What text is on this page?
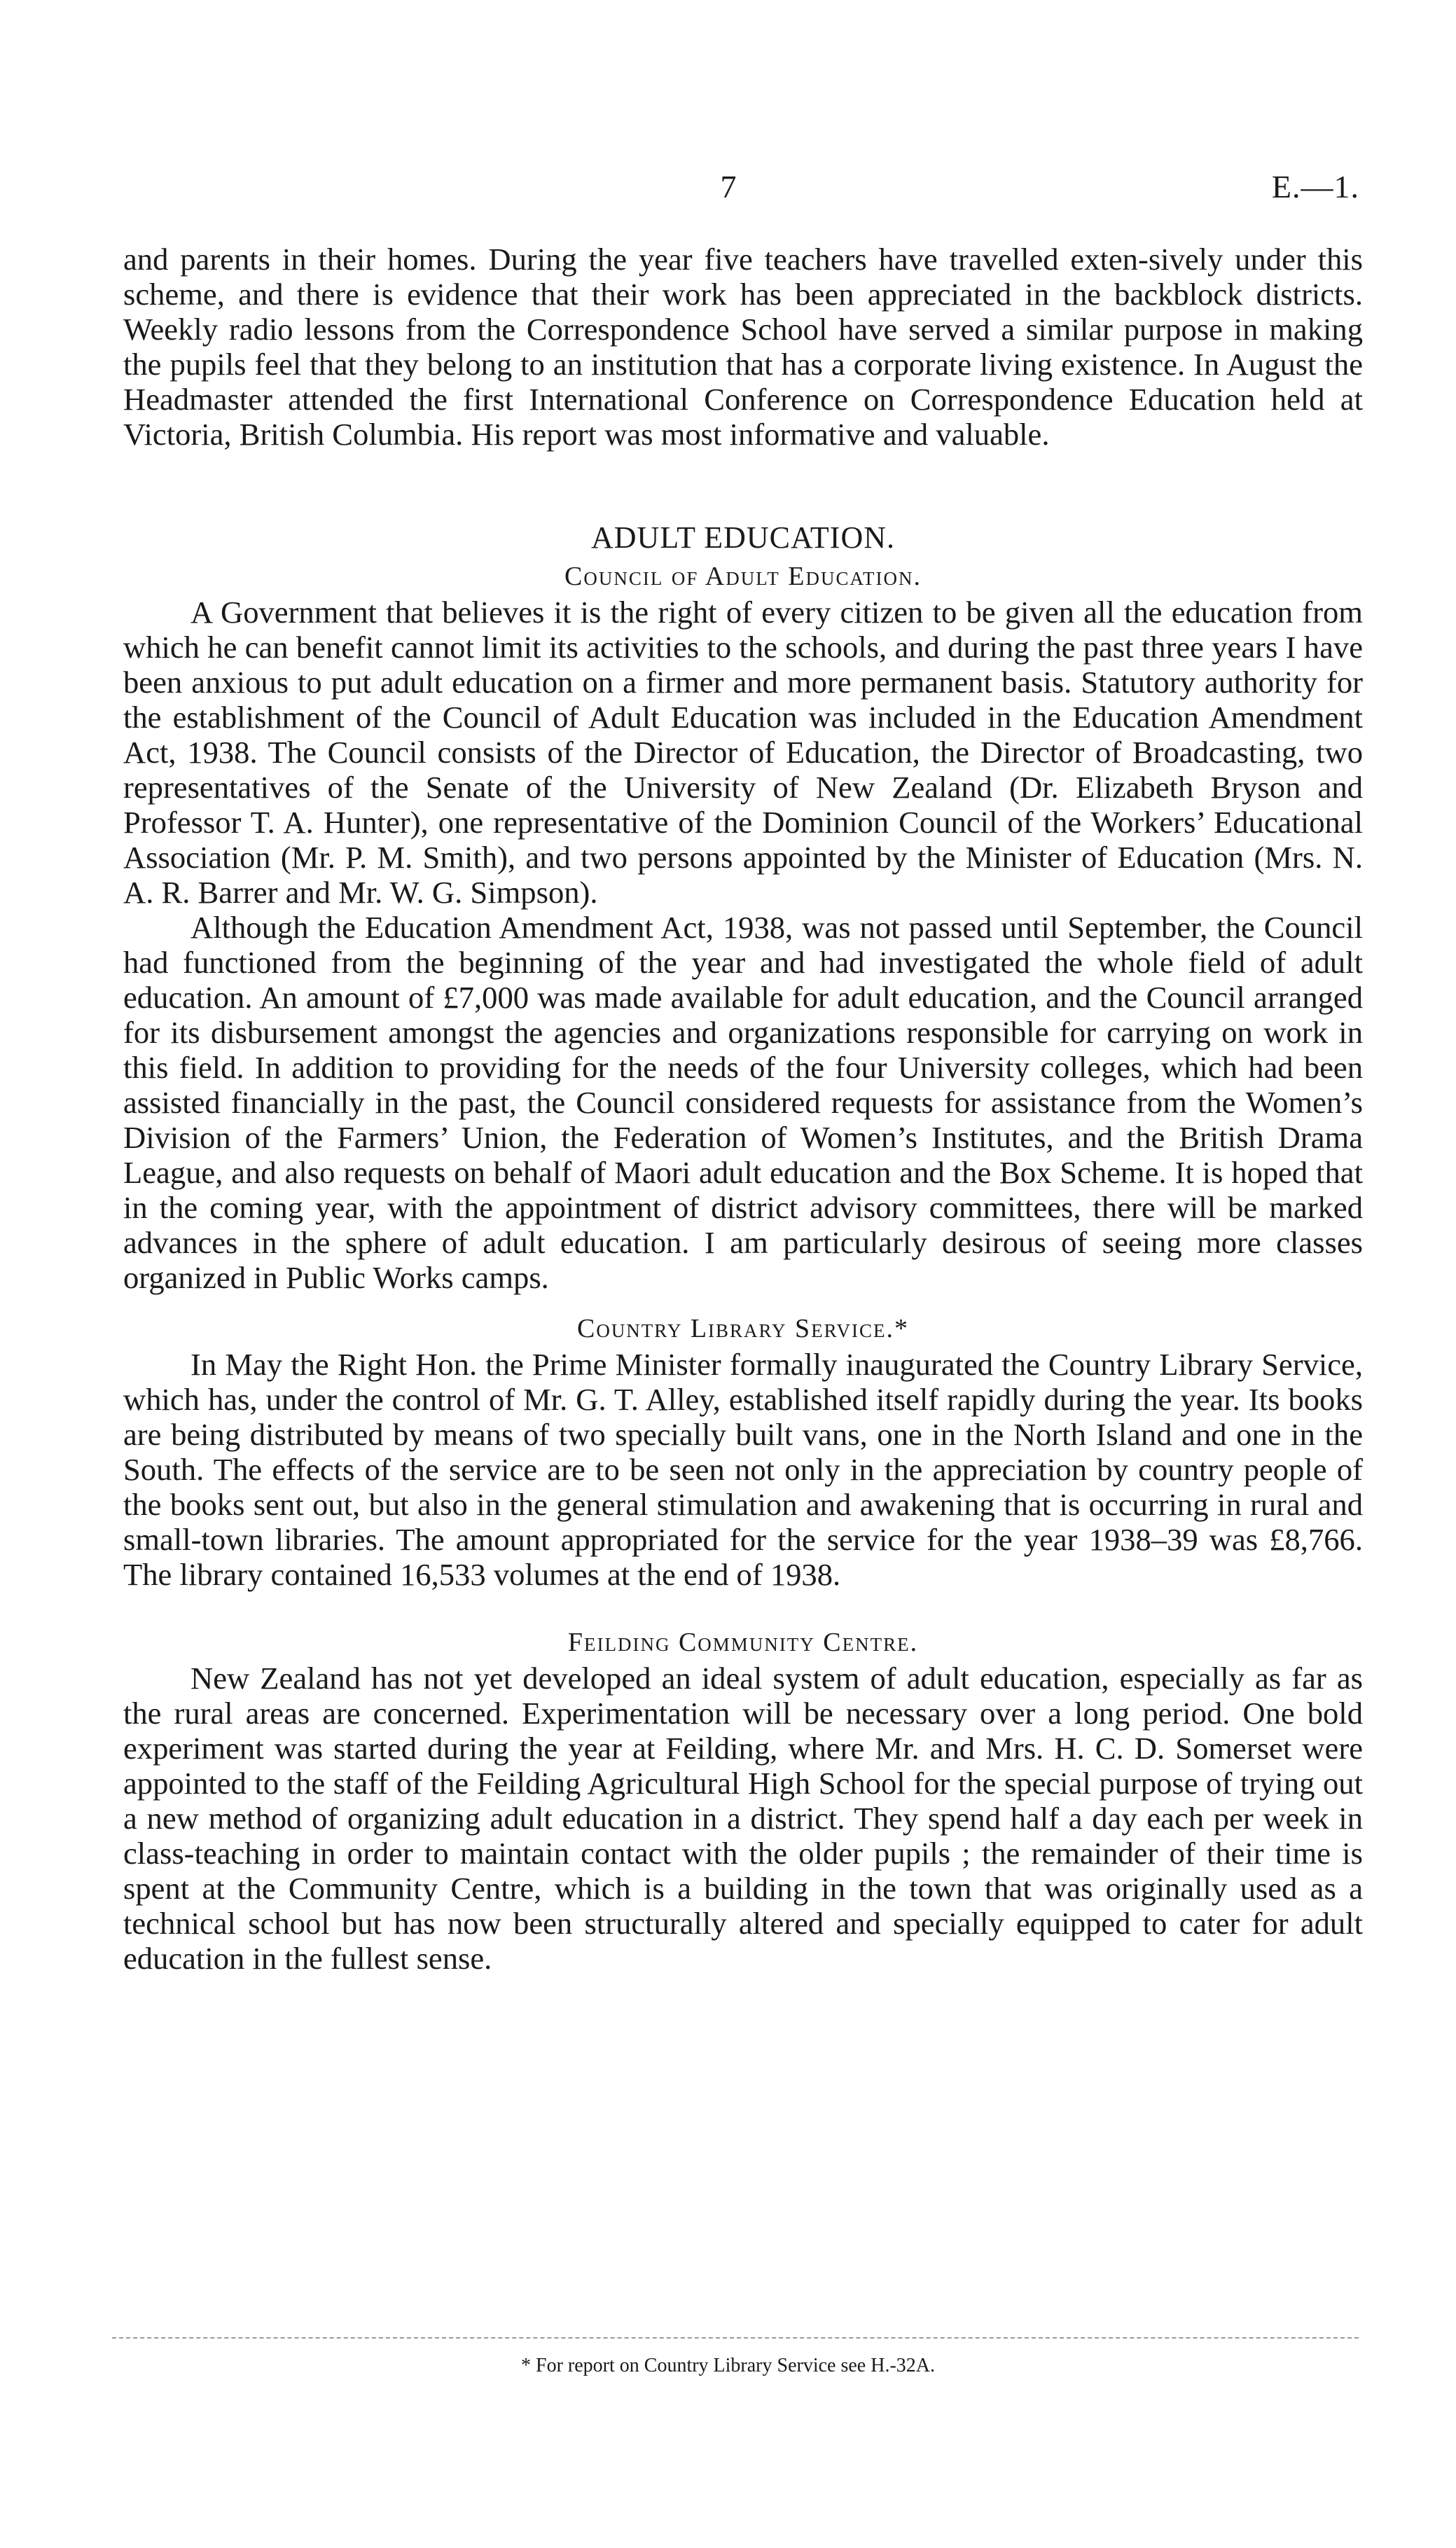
7	E.—1.

and parents in their homes. During the year five teachers have travelled exten-sively under this scheme, and there is evidence that their work has been appreciated in the backblock districts. Weekly radio lessons from the Correspondence School have served a similar purpose in making the pupils feel that they belong to an institution that has a corporate living existence. In August the Headmaster attended the first International Conference on Correspondence Education held at Victoria, British Columbia. His report was most informative and valuable.

ADULT EDUCATION.
Council of Adult Education.

A Government that believes it is the right of every citizen to be given all the education from which he can benefit cannot limit its activities to the schools, and during the past three years I have been anxious to put adult education on a firmer and more permanent basis. Statutory authority for the establishment of the Council of Adult Education was included in the Education Amendment Act, 1938. The Council consists of the Director of Education, the Director of Broadcasting, two representatives of the Senate of the University of New Zealand (Dr. Elizabeth Bryson and Professor T. A. Hunter), one representative of the Dominion Council of the Workers’ Educational Association (Mr. P. M. Smith), and two persons appointed by the Minister of Education (Mrs. N. A. R. Barrer and Mr. W. G. Simpson).

Although the Education Amendment Act, 1938, was not passed until September, the Council had functioned from the beginning of the year and had investigated the whole field of adult education. An amount of £7,000 was made available for adult education, and the Council arranged for its disbursement amongst the agencies and organizations responsible for carrying on work in this field. In addition to providing for the needs of the four University colleges, which had been assisted financially in the past, the Council considered requests for assistance from the Women’s Division of the Farmers’ Union, the Federation of Women’s Institutes, and the British Drama League, and also requests on behalf of Maori adult education and the Box Scheme. It is hoped that in the coming year, with the appointment of district advisory committees, there will be marked advances in the sphere of adult education. I am particularly desirous of seeing more classes organized in Public Works camps.

Country Library Service.*

In May the Right Hon. the Prime Minister formally inaugurated the Country Library Service, which has, under the control of Mr. G. T. Alley, established itself rapidly during the year. Its books are being distributed by means of two specially built vans, one in the North Island and one in the South. The effects of the service are to be seen not only in the appreciation by country people of the books sent out, but also in the general stimulation and awakening that is occurring in rural and small-town libraries. The amount appropriated for the service for the year 1938–39 was £8,766. The library contained 16,533 volumes at the end of 1938.

Feilding Community Centre.

New Zealand has not yet developed an ideal system of adult education, especially as far as the rural areas are concerned. Experimentation will be necessary over a long period. One bold experiment was started during the year at Feilding, where Mr. and Mrs. H. C. D. Somerset were appointed to the staff of the Feilding Agricultural High School for the special purpose of trying out a new method of organizing adult education in a district. They spend half a day each per week in class-teaching in order to maintain contact with the older pupils ; the remainder of their time is spent at the Community Centre, which is a building in the town that was originally used as a technical school but has now been structurally altered and specially equipped to cater for adult education in the fullest sense.

* For report on Country Library Service see H.-32A.
